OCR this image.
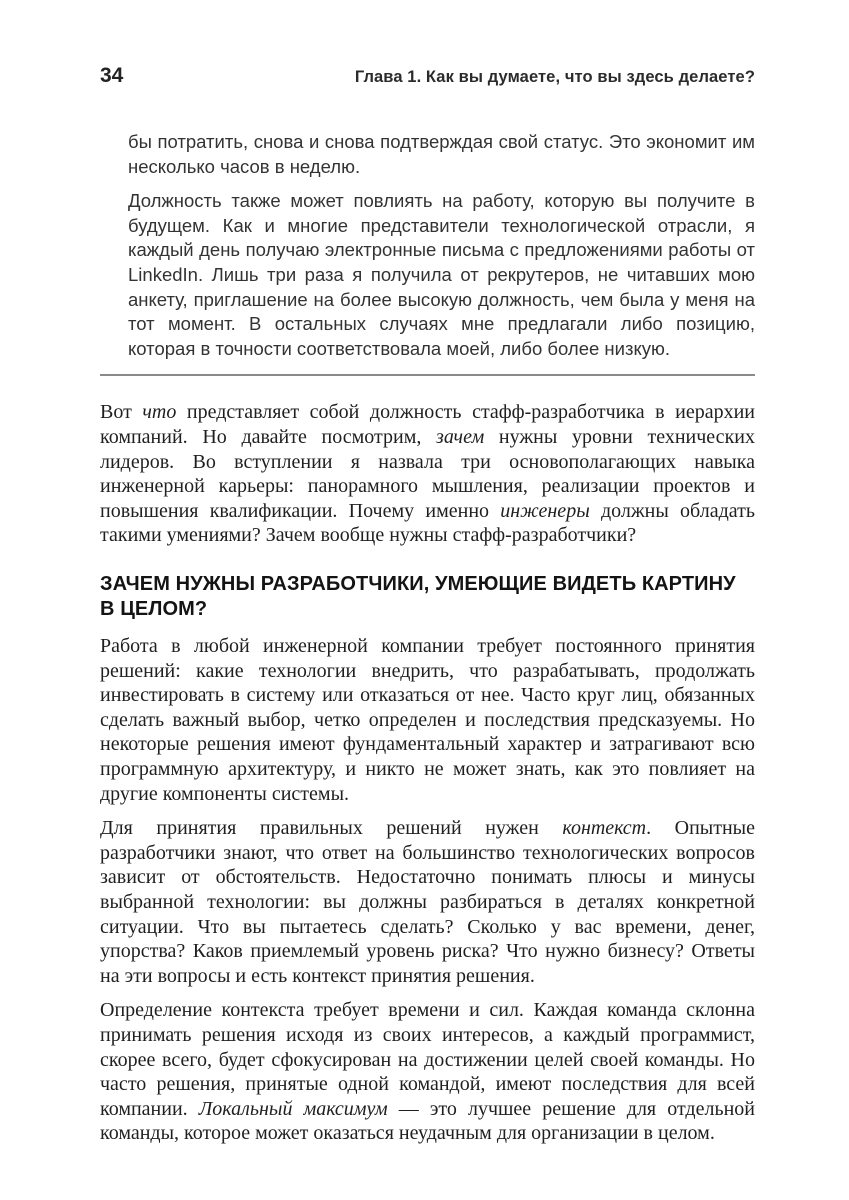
34	Глава 1. Как вы думаете, что вы здесь делаете?

бы потратить, снова и снова подтверждая свой статус. Это экономит им несколько часов в неделю.

Должность также может повлиять на работу, которую вы получите в будущем. Как и многие представители технологической отрасли, я каждый день получаю электронные письма с предложениями работы от LinkedIn. Лишь три раза я получила от рекрутеров, не читавших мою анкету, приглашение на более высокую должность, чем была у меня на тот момент. В остальных случаях мне предлагали либо позицию, которая в точности соответствовала моей, либо более низкую.

Вот что представляет собой должность стафф-разработчика в иерархии компаний. Но давайте посмотрим, зачем нужны уровни технических лидеров. Во вступлении я назвала три основополагающих навыка инженерной карьеры: панорамного мышления, реализации проектов и повышения квалификации. Почему именно инженеры должны обладать такими умениями? Зачем вообще нужны стафф-разработчики?

ЗАЧЕМ НУЖНЫ РАЗРАБОТЧИКИ, УМЕЮЩИЕ ВИДЕТЬ КАРТИНУ В ЦЕЛОМ?

Работа в любой инженерной компании требует постоянного принятия решений: какие технологии внедрить, что разрабатывать, продолжать инвестировать в систему или отказаться от нее. Часто круг лиц, обязанных сделать важный выбор, четко определен и последствия предсказуемы. Но некоторые решения имеют фундаментальный характер и затрагивают всю программную архитектуру, и никто не может знать, как это повлияет на другие компоненты системы.

Для принятия правильных решений нужен контекст. Опытные разработчики знают, что ответ на большинство технологических вопросов зависит от обстоятельств. Недостаточно понимать плюсы и минусы выбранной технологии: вы должны разбираться в деталях конкретной ситуации. Что вы пытаетесь сделать? Сколько у вас времени, денег, упорства? Каков приемлемый уровень риска? Что нужно бизнесу? Ответы на эти вопросы и есть контекст принятия решения.

Определение контекста требует времени и сил. Каждая команда склонна принимать решения исходя из своих интересов, а каждый программист, скорее всего, будет сфокусирован на достижении целей своей команды. Но часто решения, принятые одной командой, имеют последствия для всей компании. Локальный максимум — это лучшее решение для отдельной команды, которое может оказаться неудачным для организации в целом.
